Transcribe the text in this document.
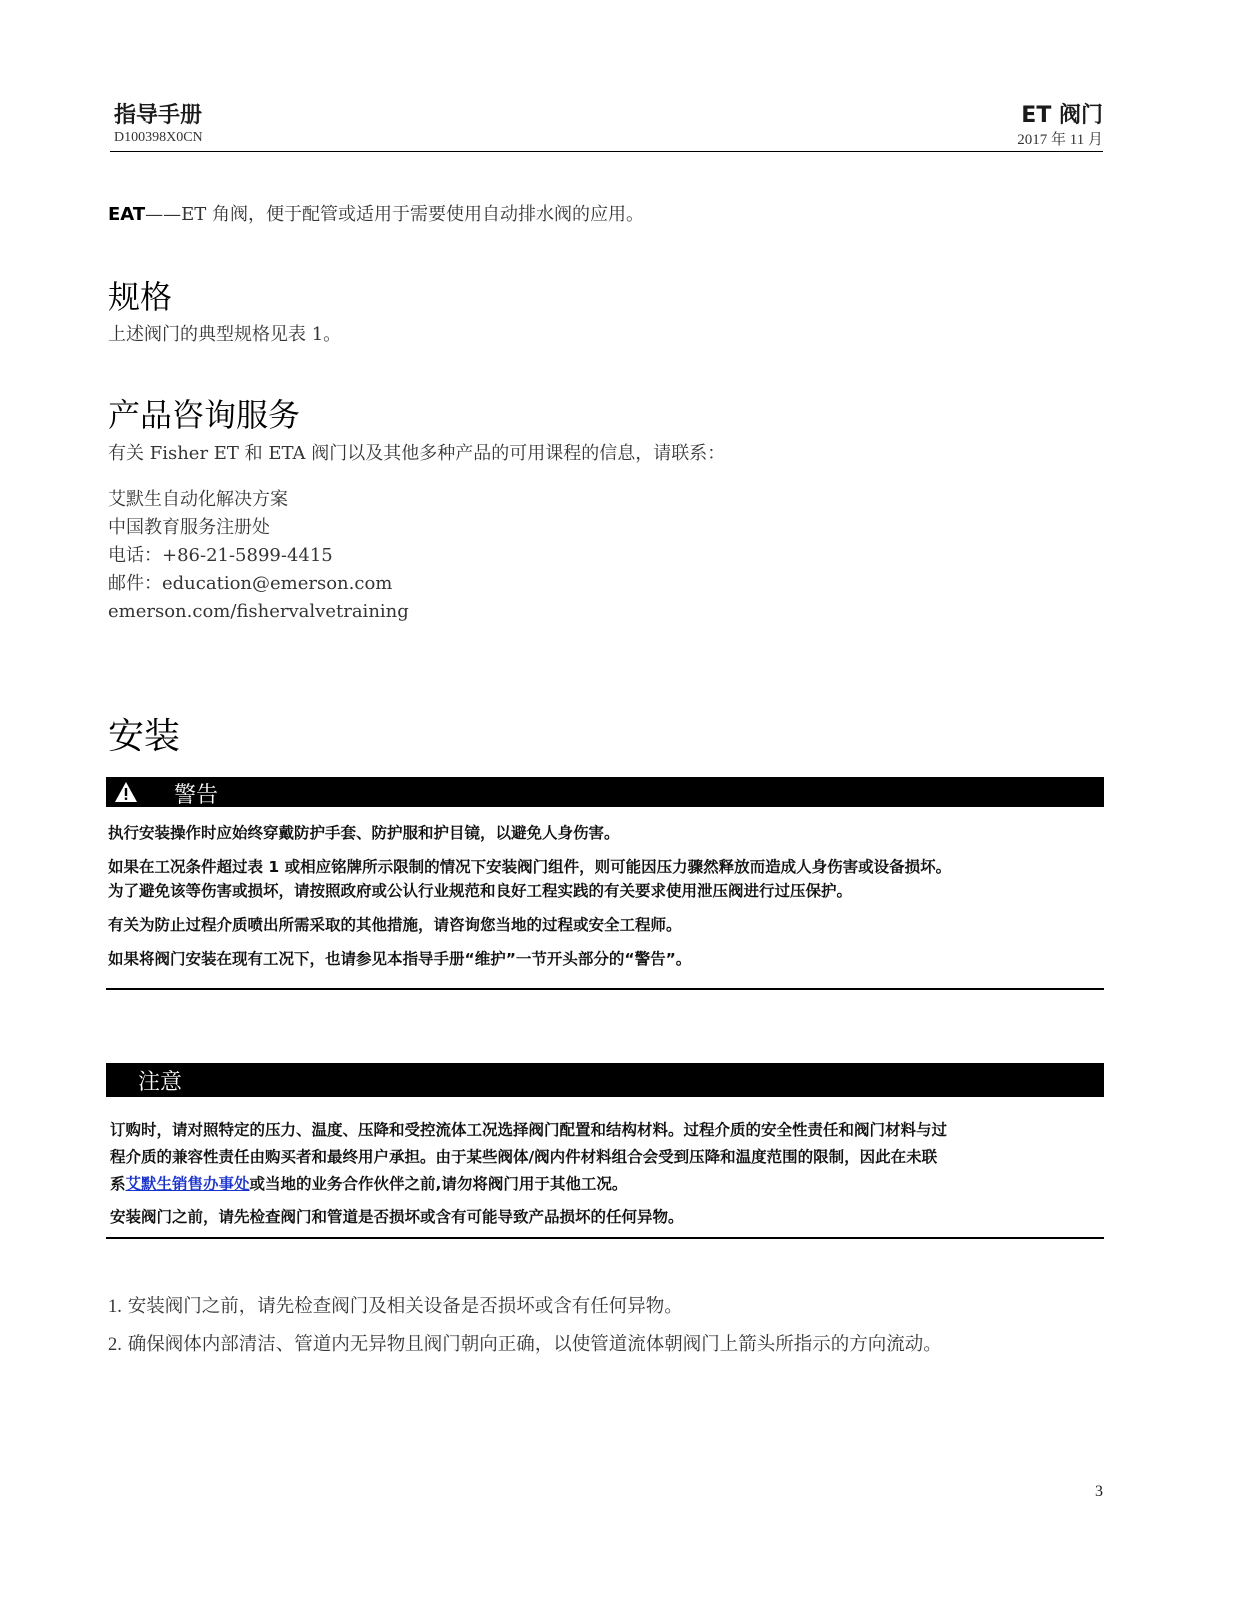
指导手册
D100398X0CN
ET 阀门
2017 年 11 月
EAT——ET 角阀，便于配管或适用于需要使用自动排水阀的应用。
规格
上述阀门的典型规格见表 1。
产品咨询服务
有关 Fisher ET 和 ETA 阀门以及其他多种产品的可用课程的信息，请联系：
艾默生自动化解决方案
中国教育服务注册处
电话：+86-21-5899-4415
邮件：education@emerson.com
emerson.com/fishervalvetraining
安装
警告

执行安装操作时应始终穿戴防护手套、防护服和护目镜，以避免人身伤害。

如果在工况条件超过表 1 或相应铭牌所示限制的情况下安装阀门组件，则可能因压力骤然释放而造成人身伤害或设备损坏。
为了避免该等伤害或损坏，请按照政府或公认行业规范和良好工程实践的有关要求使用泄压阀进行过压保护。

有关为防止过程介质喷出所需采取的其他措施，请咨询您当地的过程或安全工程师。

如果将阀门安装在现有工况下，也请参见本指导手册“维护”一节开头部分的“警告”。

注意

订购时，请对照特定的压力、温度、压降和受控流体工况选择阀门配置和结构材料。过程介质的安全性责任和阀门材料与过
程介质的兼容性责任由购买者和最终用户承担。由于某些阀体/阀内件材料组合会受到压降和温度范围的限制，因此在未联
系艾默生销售办事处或当地的业务合作伙伴之前,请勿将阀门用于其他工况。

安装阀门之前，请先检查阀门和管道是否损坏或含有可能导致产品损坏的任何异物。

1. 安装阀门之前，请先检查阀门及相关设备是否损坏或含有任何异物。
2. 确保阀体内部清洁、管道内无异物且阀门朝向正确，以使管道流体朝阀门上箭头所指示的方向流动。
3
